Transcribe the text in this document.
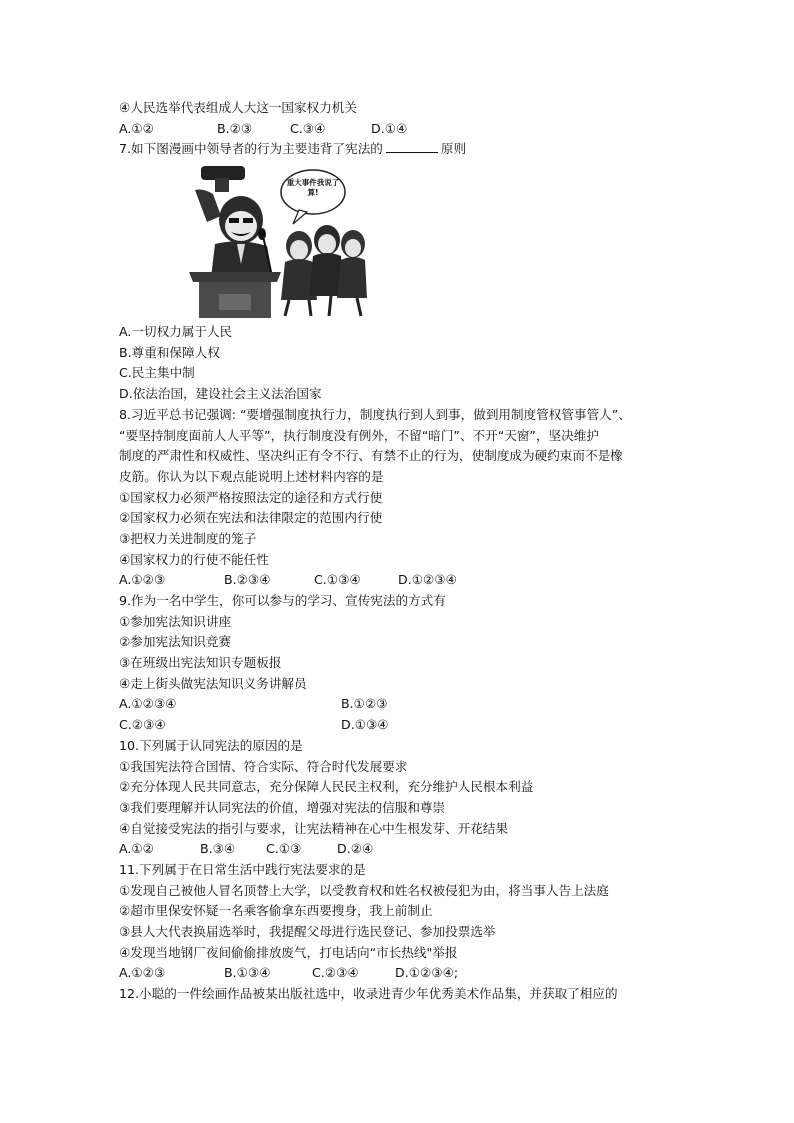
④人民选举代表组成人大这一国家权力机关
A.①②	B.②③	C.③④	D.①④
7.如下图漫画中领导者的行为主要违背了宪法的	原则
重大事件我说了算!
A.一切权力属于人民
B.尊重和保障人权
C.民主集中制
D.依法治国，建设社会主义法治国家
8.习近平总书记强调: “要增强制度执行力，制度执行到人到事，做到用制度管权管事管人”、
“要坚持制度面前人人平等”，执行制度没有例外，不留“暗门”、不开“天窗”，坚决维护
制度的严肃性和权威性、坚决纠正有令不行、有禁不止的行为，使制度成为硬约束而不是橡
皮筋。你认为以下观点能说明上述材料内容的是
①国家权力必须严格按照法定的途径和方式行使
②国家权力必须在宪法和法律限定的范围内行使
③把权力关进制度的笼子
④国家权力的行使不能任性
A.①②③	B.②③④	C.①③④	D.①②③④
9.作为一名中学生，你可以参与的学习、宣传宪法的方式有
①参加宪法知识讲座
②参加宪法知识竞赛
③在班级出宪法知识专题板报
④走上街头做宪法知识义务讲解员
A.①②③④	B.①②③
C.②③④	D.①③④
10.下列属于认同宪法的原因的是
①我国宪法符合国情、符合实际、符合时代发展要求
②充分体现人民共同意志，充分保障人民民主权利，充分维护人民根本利益
③我们要理解并认同宪法的价值，增强对宪法的信服和尊崇
④自觉接受宪法的指引与要求，让宪法精神在心中生根发芽、开花结果
A.①②	B.③④	C.①③	D.②④
11.下列属于在日常生活中践行宪法要求的是
①发现自己被他人冒名顶替上大学，以受教育权和姓名权被侵犯为由，将当事人告上法庭
②超市里保安怀疑一名乘客偷拿东西要搜身，我上前制止
③县人大代表换届选举时，我提醒父母进行选民登记、参加投票选举
④发现当地钢厂夜间偷偷排放废气，打电话向“市长热线"举报
A.①②③	B.①③④	C.②③④	D.①②③④;
12.小聪的一件绘画作品被某出版社选中，收录进青少年优秀美术作品集，并获取了相应的
